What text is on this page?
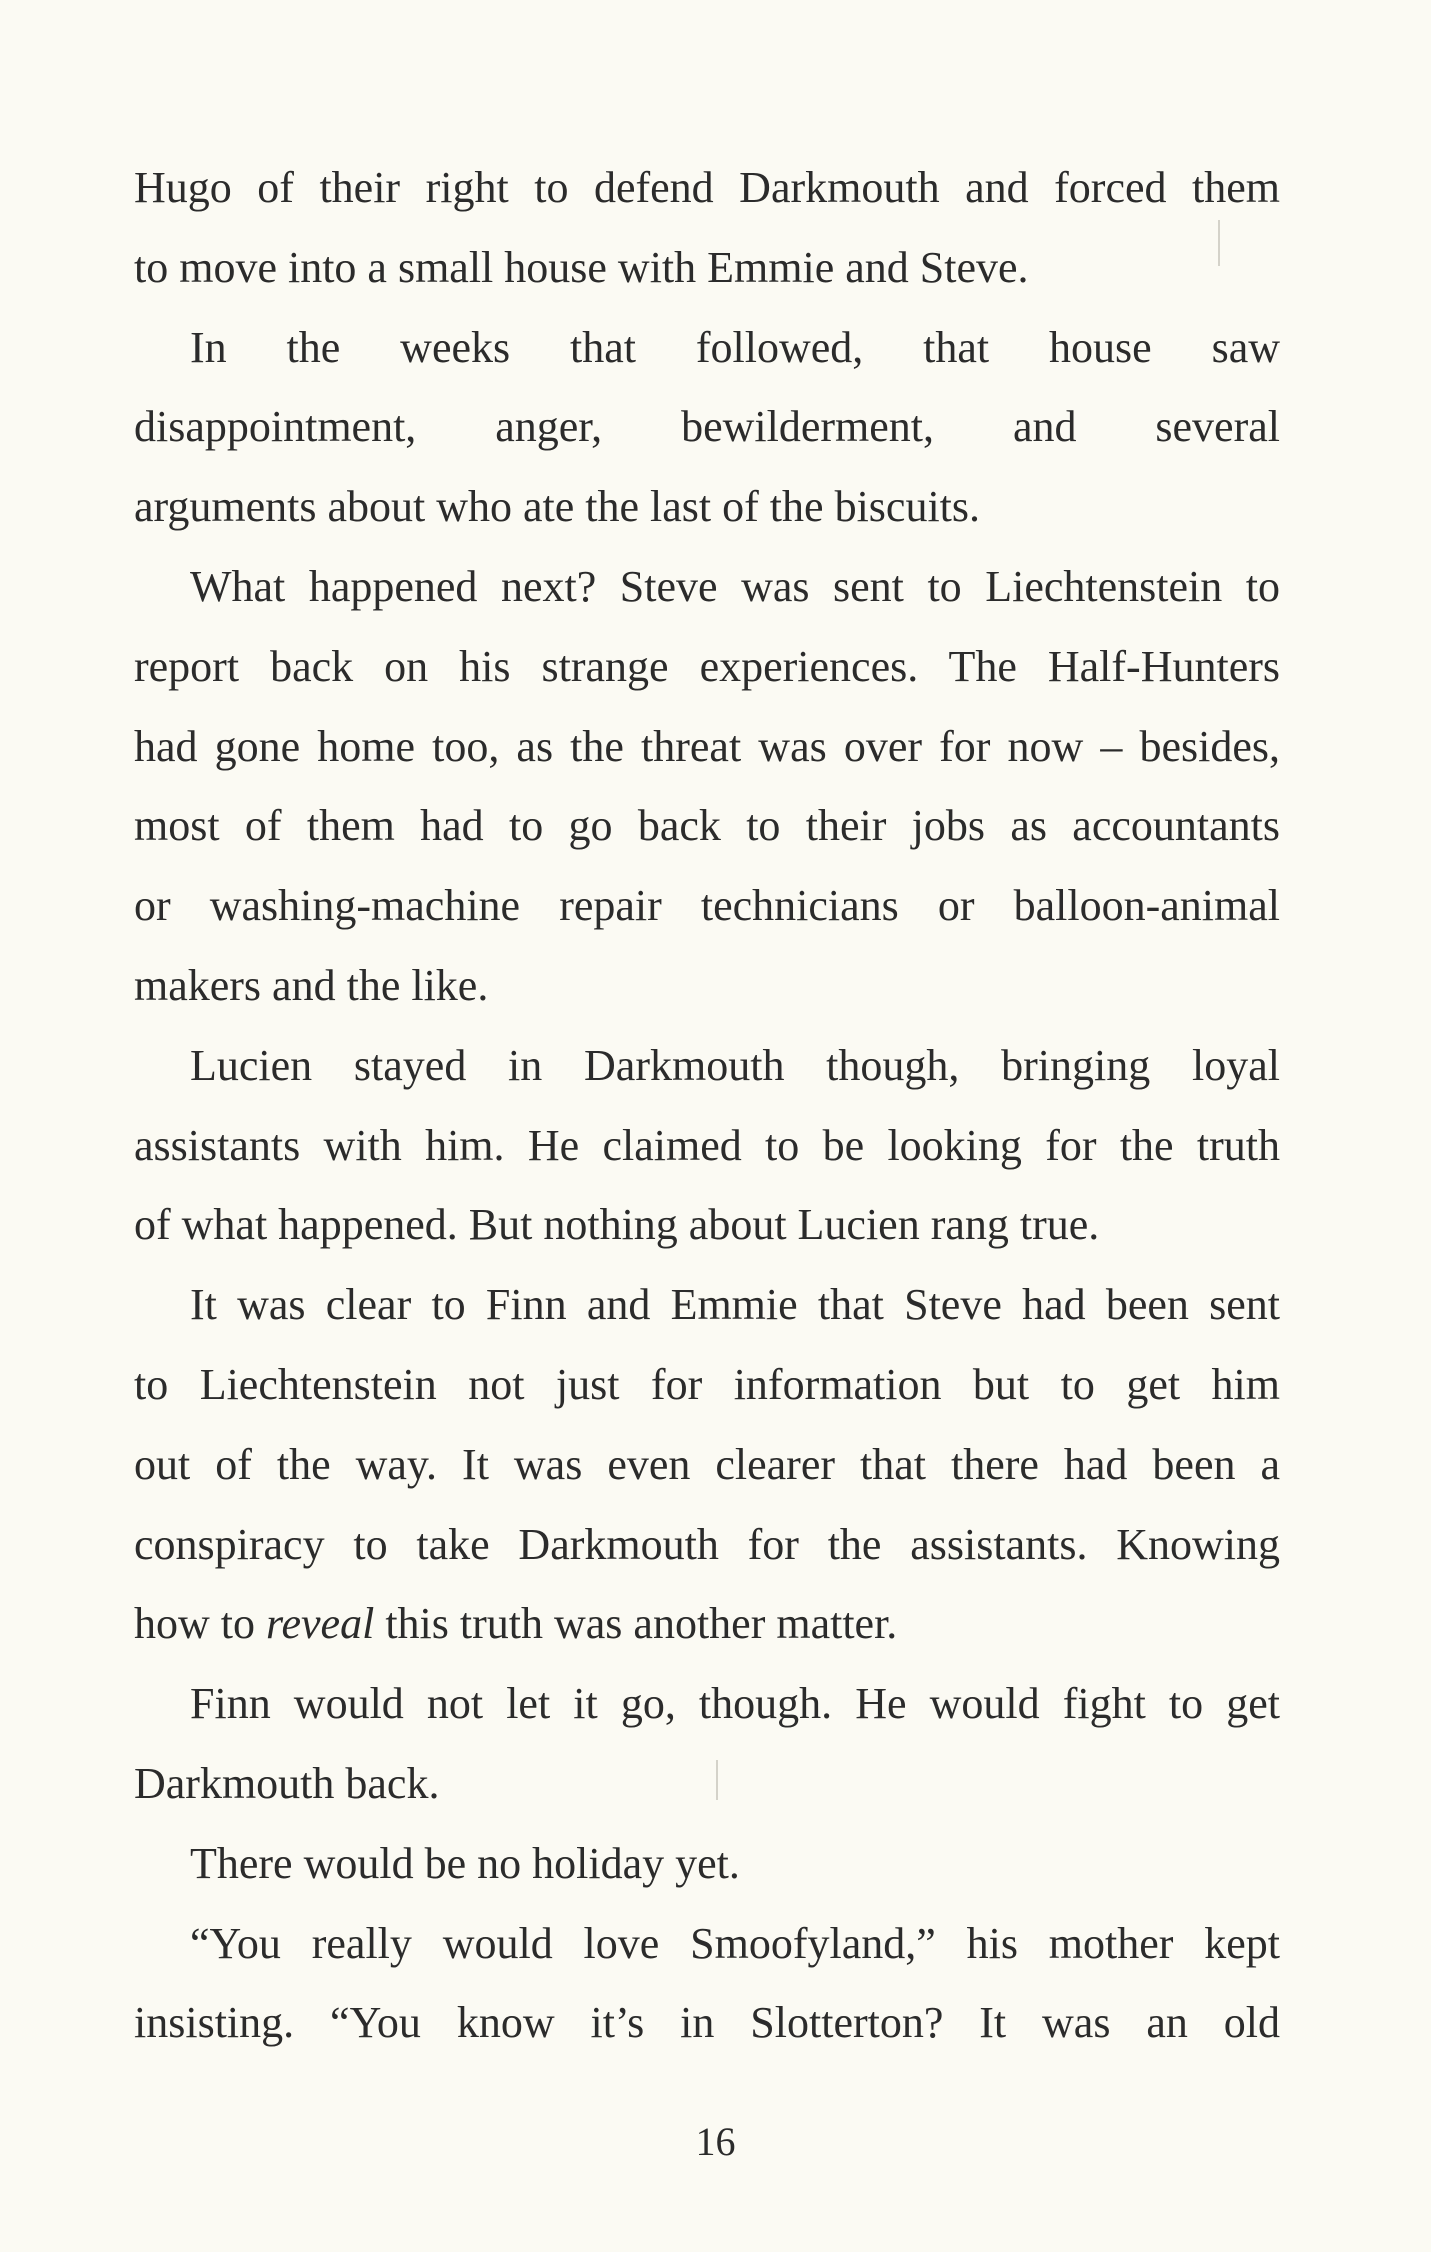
Hugo of their right to defend Darkmouth and forced them
to move into a small house with Emmie and Steve.
In the weeks that followed, that house saw
disappointment, anger, bewilderment, and several
arguments about who ate the last of the biscuits.
What happened next? Steve was sent to Liechtenstein to
report back on his strange experiences. The Half-Hunters
had gone home too, as the threat was over for now – besides,
most of them had to go back to their jobs as accountants
or washing-machine repair technicians or balloon-animal
makers and the like.
Lucien stayed in Darkmouth though, bringing loyal
assistants with him. He claimed to be looking for the truth
of what happened. But nothing about Lucien rang true.
It was clear to Finn and Emmie that Steve had been sent
to Liechtenstein not just for information but to get him
out of the way. It was even clearer that there had been a
conspiracy to take Darkmouth for the assistants. Knowing
how to reveal this truth was another matter.
Finn would not let it go, though. He would fight to get
Darkmouth back.
There would be no holiday yet.
“You really would love Smoofyland,” his mother kept
insisting. “You know it’s in Slotterton? It was an old
16
